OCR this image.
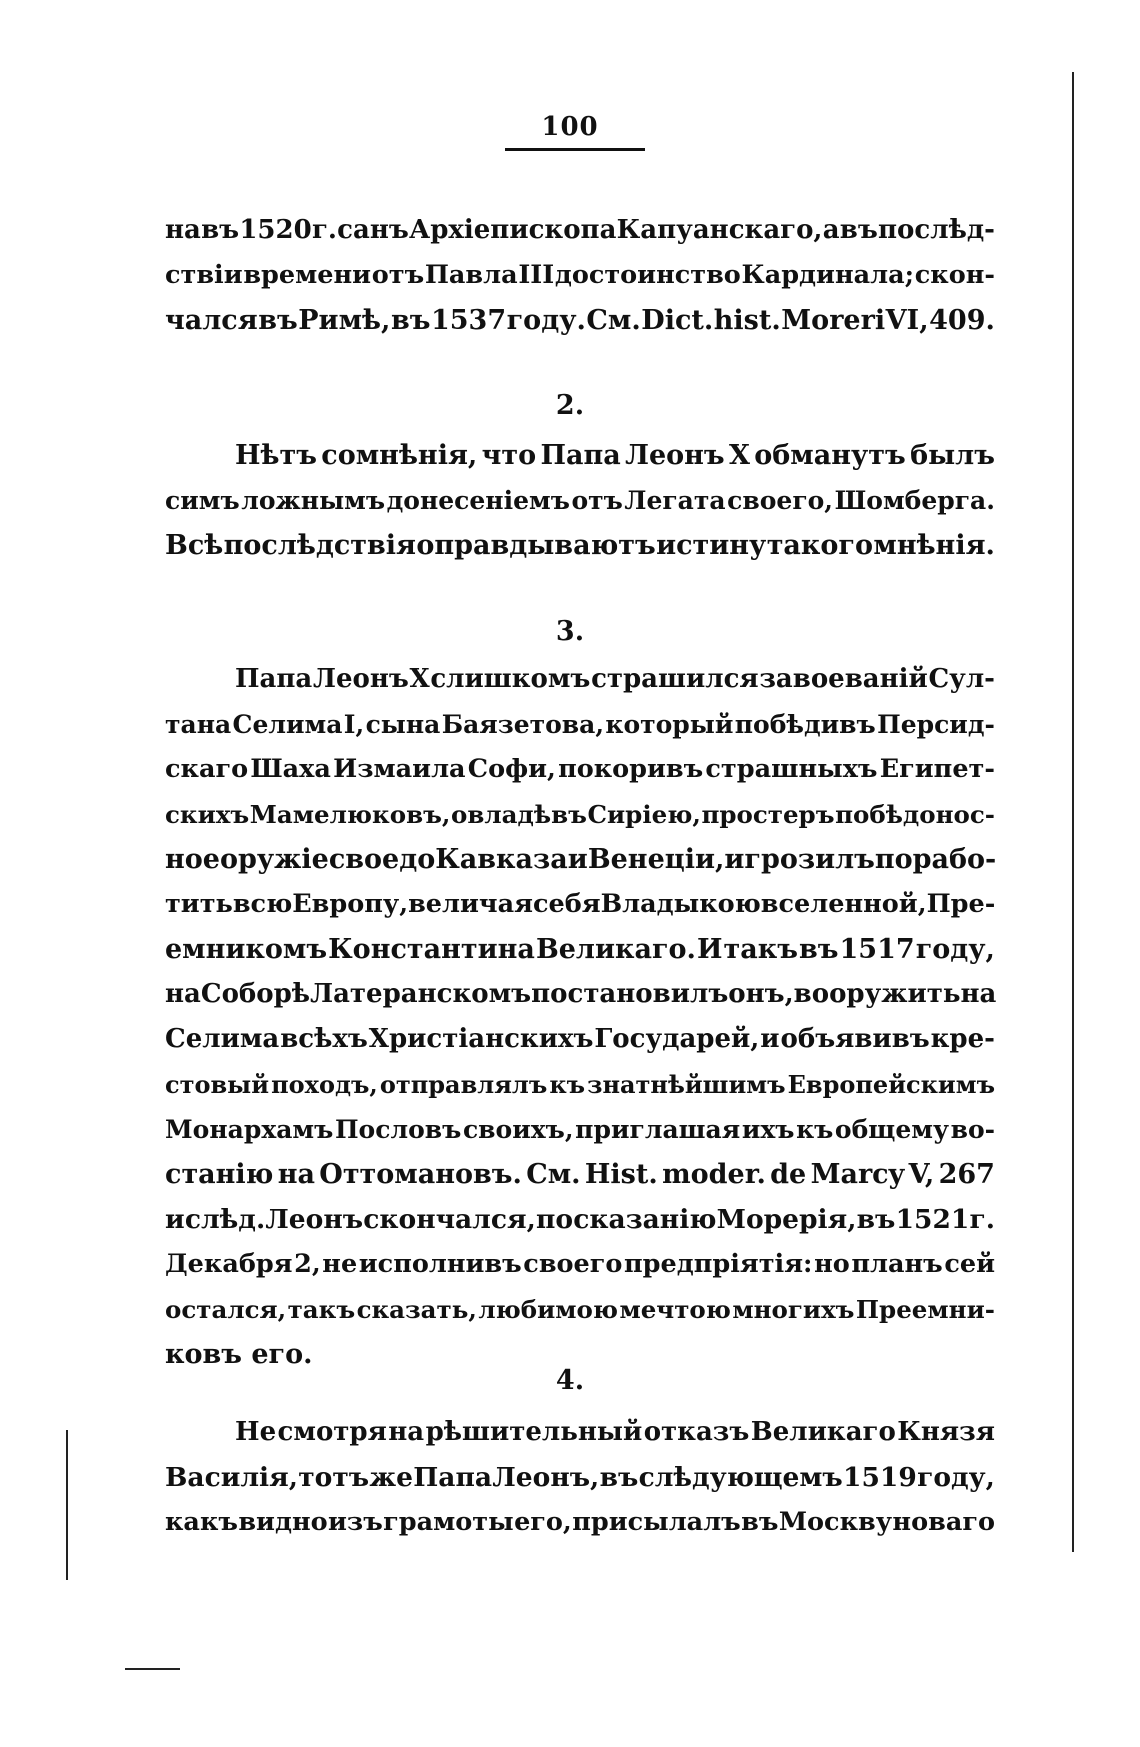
100
на въ 1520 г. санъ Архіепископа Капуанскаго, а въ послѣд-
ствіи времени отъ Павла III достоинство Кардинала; скон-
чался въ Римѣ, въ 1537 году. См. Dict. hist. Moreri VI, 409.
2.
Нѣтъ сомнѣнія, что Папа Леонъ X обманутъ былъ
симъ ложнымъ донесеніемъ отъ Легата своего, Шомберга.
Всѣ послѣдствія оправдываютъ истину такого мнѣнія.
3.
Папа Леонъ X слишкомъ страшился завоеваній Сул-
тана Селима I, сына Баязетова, который побѣдивъ Персид-
скаго Шаха Измаила Софи, покоривъ страшныхъ Египет-
скихъ Мамелюковъ, овладѣвъ Сиріею, простеръ побѣдонос-
ное оружіе свое до Кавказа и Венеціи, и грозилъ порабо-
тить всю Европу, величая себя Владыкою вселенной, Пре-
емникомъ Константина Великаго. И такъ въ 1517 году,
на Соборѣ Латеранскомъ постановилъ онъ, вооружить на
Селима всѣхъ Христіанскихъ Государей, и объявивъ кре-
стовый походъ, отправлялъ къ знатнѣйшимъ Европейскимъ
Монархамъ Пословъ своихъ, приглашая ихъ къ общему во-
станію на Оттомановъ. См. Hist. moder. de Marcy V, 267
и слѣд. Леонъ скончался, по сказанію Морерія, въ 1521 г.
Декабря 2, не исполнивъ своего предпріятія: но планъ сей
остался, такъ сказать, любимою мечтою многихъ Преемни-
ковъ его.
4.
Не смотря на рѣшительный отказъ Великаго Князя
Василія, тотъ же Папа Леонъ, въ слѣдующемъ 1519 году,
какъ видно изъ грамоты его, присылалъ въ Москву новаго
